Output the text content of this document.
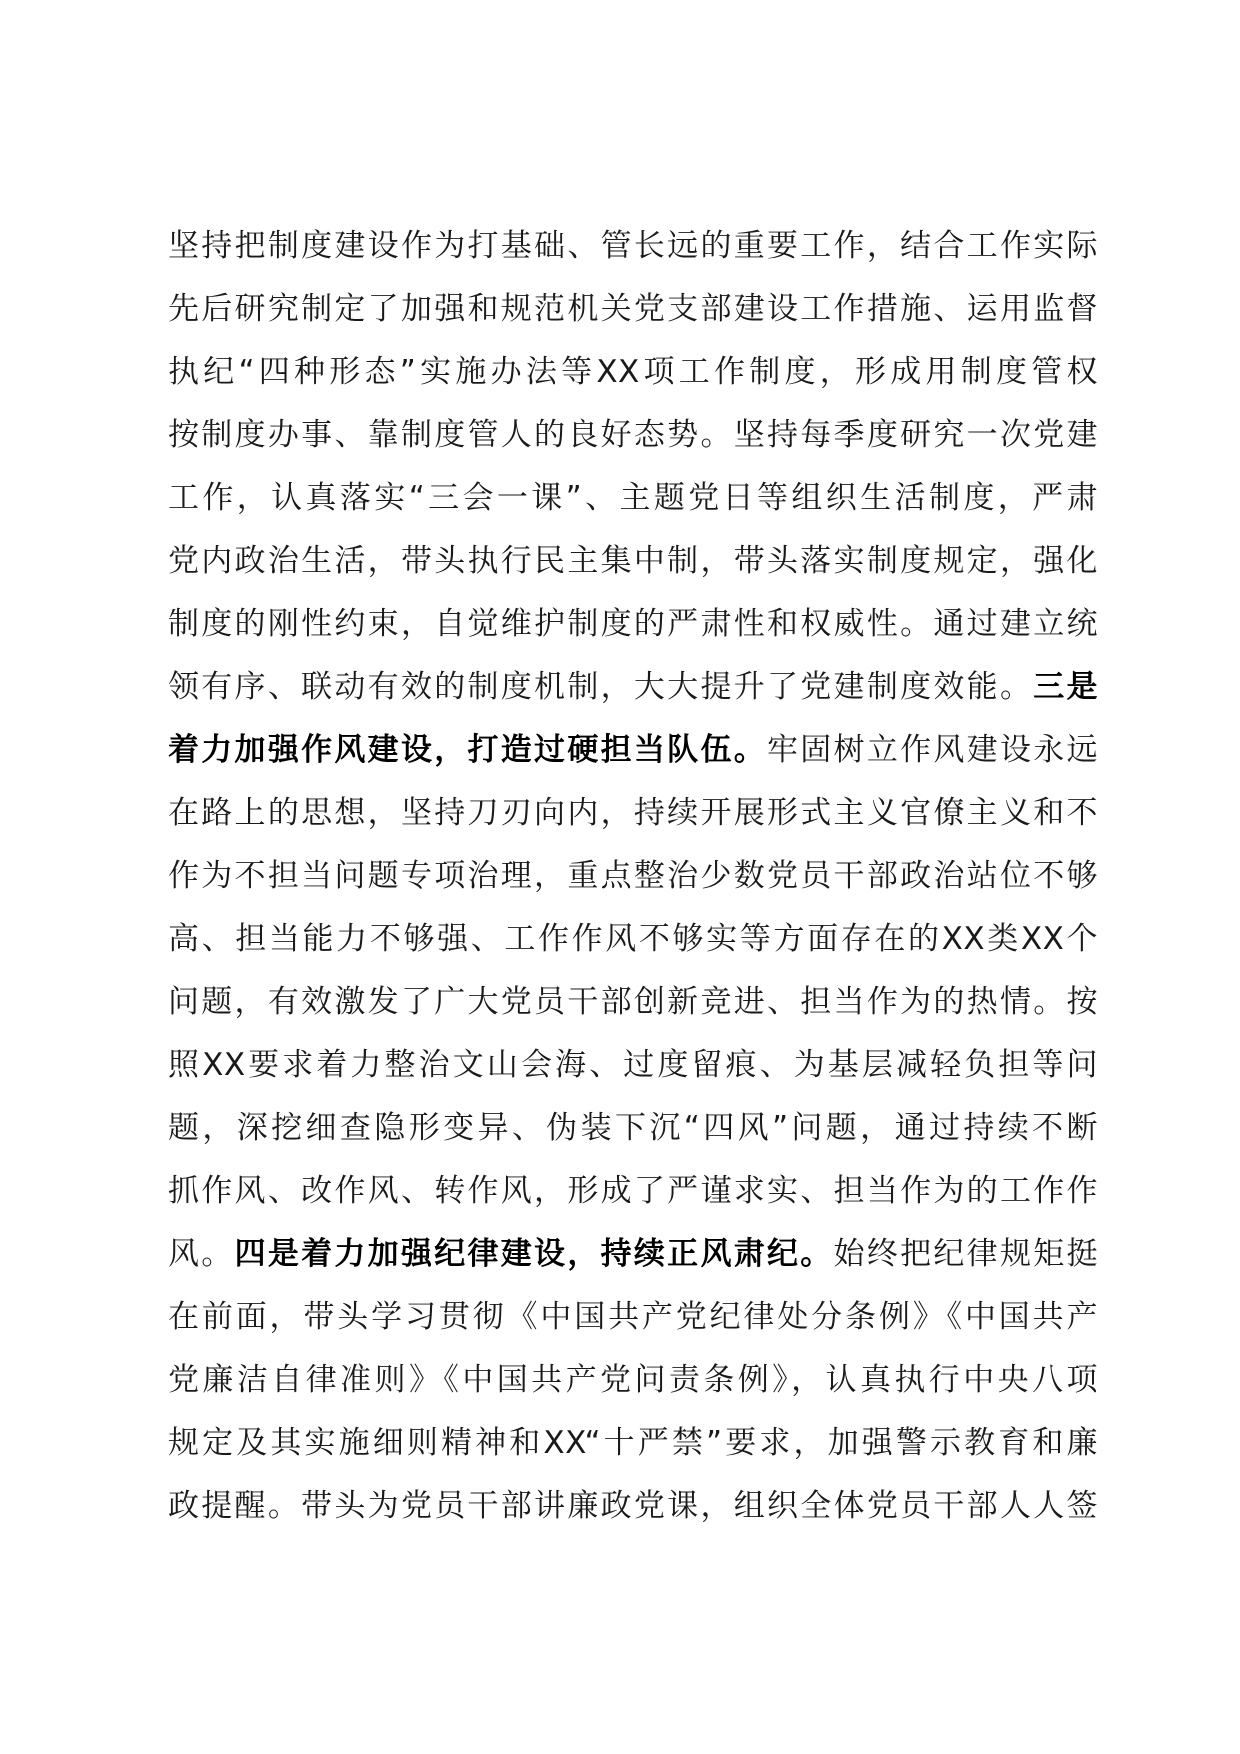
坚持把制度建设作为打基础、管长远的重要工作，结合工作实际
先后研究制定了加强和规范机关党支部建设工作措施、运用监督
执纪“四种形态”实施办法等XX项工作制度，形成用制度管权
按制度办事、靠制度管人的良好态势。坚持每季度研究一次党建
工作，认真落实“三会一课”、主题党日等组织生活制度，严肃
党内政治生活，带头执行民主集中制，带头落实制度规定，强化
制度的刚性约束，自觉维护制度的严肃性和权威性。通过建立统
领有序、联动有效的制度机制，大大提升了党建制度效能。三是
着力加强作风建设，打造过硬担当队伍。牢固树立作风建设永远
在路上的思想，坚持刀刃向内，持续开展形式主义官僚主义和不
作为不担当问题专项治理，重点整治少数党员干部政治站位不够
高、担当能力不够强、工作作风不够实等方面存在的XX类XX个
问题，有效激发了广大党员干部创新竞进、担当作为的热情。按
照XX要求着力整治文山会海、过度留痕、为基层减轻负担等问
题，深挖细查隐形变异、伪装下沉“四风”问题，通过持续不断
抓作风、改作风、转作风，形成了严谨求实、担当作为的工作作
风。四是着力加强纪律建设，持续正风肃纪。始终把纪律规矩挺
在前面，带头学习贯彻《中国共产党纪律处分条例》《中国共产
党廉洁自律准则》《中国共产党问责条例》，认真执行中央八项
规定及其实施细则精神和XX“十严禁”要求，加强警示教育和廉
政提醒。带头为党员干部讲廉政党课，组织全体党员干部人人签
